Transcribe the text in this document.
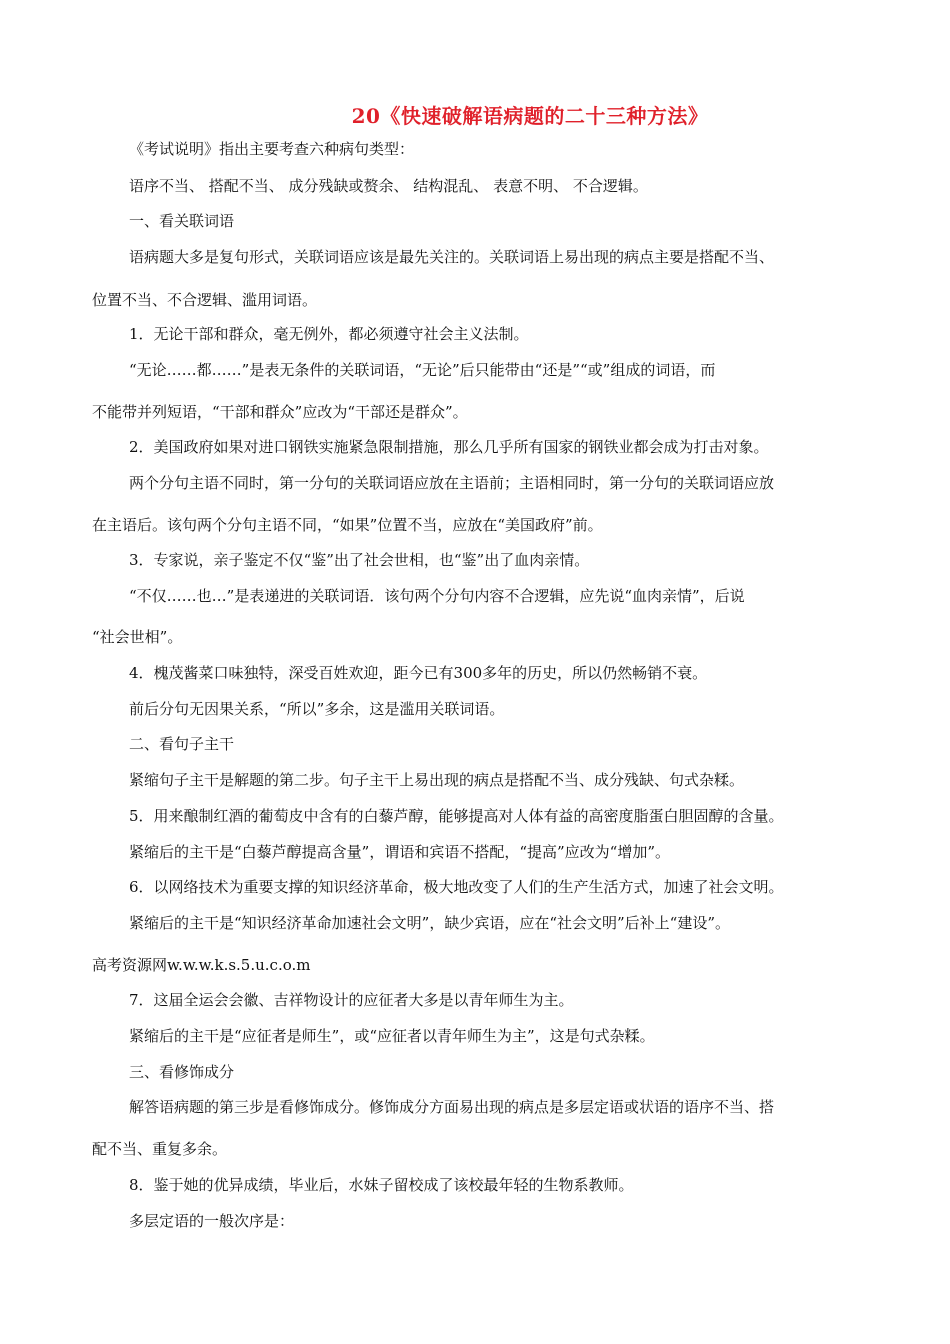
20《快速破解语病题的二十三种方法》
《考试说明》指出主要考查六种病句类型：
语序不当、 搭配不当、 成分残缺或赘余、 结构混乱、 表意不明、 不合逻辑。
一、看关联词语
语病题大多是复句形式，关联词语应该是最先关注的。关联词语上易出现的病点主要是搭配不当、
位置不当、不合逻辑、滥用词语。
1．无论干部和群众，毫无例外，都必须遵守社会主义法制。
“无论……都……”是表无条件的关联词语，“无论”后只能带由“还是”“或”组成的词语，而
不能带并列短语，“干部和群众”应改为“干部还是群众”。
2．美国政府如果对进口钢铁实施紧急限制措施，那么几乎所有国家的钢铁业都会成为打击对象。
两个分句主语不同时，第一分句的关联词语应放在主语前；主语相同时，第一分句的关联词语应放
在主语后。该句两个分句主语不同，“如果”位置不当，应放在“美国政府”前。
3．专家说，亲子鉴定不仅“鉴”出了社会世相，也“鉴”出了血肉亲情。
“不仅……也…”是表递进的关联词语．该句两个分句内容不合逻辑，应先说“血肉亲情”，后说
“社会世相”。
4．槐茂酱菜口味独特，深受百姓欢迎，距今已有300多年的历史，所以仍然畅销不衰。
前后分句无因果关系，“所以”多余，这是滥用关联词语。
二、看句子主干
紧缩句子主干是解题的第二步。句子主干上易出现的病点是搭配不当、成分残缺、句式杂糅。
5．用来酿制红酒的葡萄皮中含有的白藜芦醇，能够提高对人体有益的高密度脂蛋白胆固醇的含量。
紧缩后的主干是“白藜芦醇提高含量”，谓语和宾语不搭配，“提高”应改为“增加”。
6．以网络技术为重要支撑的知识经济革命，极大地改变了人们的生产生活方式，加速了社会文明。
紧缩后的主干是“知识经济革命加速社会文明”，缺少宾语，应在“社会文明”后补上“建设”。
高考资源网w.w.w.k.s.5.u.c.o.m
7．这届全运会会徽、吉祥物设计的应征者大多是以青年师生为主。
紧缩后的主干是“应征者是师生”，或“应征者以青年师生为主”，这是句式杂糅。
三、看修饰成分
解答语病题的第三步是看修饰成分。修饰成分方面易出现的病点是多层定语或状语的语序不当、搭
配不当、重复多余。
8．鉴于她的优异成绩，毕业后，水妹子留校成了该校最年轻的生物系教师。
多层定语的一般次序是：
